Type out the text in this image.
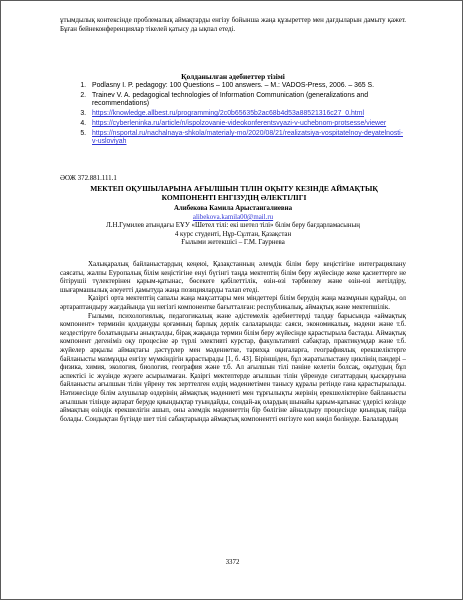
ұтымдылық контексінде проблемалық аймақтарды енгізу бойынша жаңа құзыреттер мен дағдыларын дамыту қажет. Бұған бейнеконференциялар тікелей қатысу да ықпал етеді.

Қолданылған әдебиеттер тізімі
1. Podlasny I. P. pedagogy: 100 Questions – 100 answers. – M.: VADOS-Press, 2006. – 365 S.
2. Trainev V. A. pedagogical technologies of Information Communication (generalizations and recommendations)
3. https://knowledge.allbest.ru/programming/2c0b65635b2ac68b4d53a88521316c27_0.html
4. https://cyberleninka.ru/article/n/ispolzovanie-videokonferentsvyazi-v-uchebnom-protsesse/viewer
5. https://nsportal.ru/nachalnaya-shkola/materialy-mo/2020/08/21/realizatsiya-vospitatelnoy-deyatelnosti-v-usloviyah
ӘОЖ 372.881.111.1
МЕКТЕП ОҚУШЫЛАРЫНА АҒЫЛШЫН ТІЛІН ОҚЫТУ КЕЗІНДЕ АЙМАҚТЫҚ КОМПОНЕНТІ ЕНГІЗУДІҢ ӘЛЕКТІЛІГІ
Алибекова Камила Арыстангалиевна
alibekova.kamila00@mail.ru
Л.Н.Гумилев атындағы ЕҰУ «Шетел тілі: екі шетел тілі» білім беру бағдарламасының
4 курс студенті, Нұр-Сұлтан, Қазақстан
Ғылыми жетекшісі – Г.М. Гаурнева

Халықаралық байланыстардың кеңеюі, Қазақстанның әлемдік білім беру кеңістігіне интеграциялану саясаты, жалпы Еуропалық білім кеңістігіне енуі бүгінгі таңда мектептің білім беру жүйесінде жеке қасиеттерге не бітірушіі түлектерінен қарым-қатынас, бөсекеге қабілеттілік, өзін-өзі тәрбиелеу және өзін-өзі жетілдіру, шығармашылық әлеуетті дамытуда жаңа позицияларды талап етеді.

Қазіргі орта мектептің сапалы жаңа мақсаттары мен міндеттері білім берудің жаңа мазмұнын құрайды, ол әртараптандыру жағдайында үш негізгі компонентке бағытталған: республикалық, аймақтық және мектепшілік.

Ғылыми, психологиялық, педагогикалық және әдістемелік әдебиеттерді талдау барысында «аймақтық компонент» терминін қолдануды қоғамның барлық дерлік салаларында: саяси, экономикалық, мәдени және т.б. кездестіруге болатындығы анықталды, бірақ жақында термин білім беру жүйесінде қарастырыла бастады. Аймақтық компонент дегеніміз оқу процесіне әр түрлі элективті курстар, факультативті сабақтар, практикумдар және т.б. жүйелер арқылы аймақтағы дәстүрлер мен мәдениетке, тарихқа оқиғаларға, географиялық ерекшеліктерге байланысты мазмұнды енгізу мүмкіндігін қарастырады [1, б. 43]. Біріншіден, бұл жаратылыстану циклінің пәндері – физика, химия, экология, биология, география және т.б. Ал ағылшын тілі пәніне келетін болсақ, оқытудың бұл аспектісі іс жүзінде жүзеге асырылмаған. Қазіргі мектептерде ағылшын тілін үйренуде сигаттардың қысқаруына байланысты ағылшын тілін үйрену тек зерттелген елдің мәдениетімен танысу құралы ретінде ғана қарастырылады. Нәтижесінде білім алушылар өздерінің аймақтық мәдениеті мен тұрғылықты жерінің ерекшеліктеріне байланысты ағылшын тілінде ақпарат беруде қиындықтар туындайды, сондай-ақ олардың шынайы қарым-қатынас үдерісі кезінде аймақтың өзіндік ерекшелігін ашып, оны әлемдік мәдениеттің бір бөлігіне айналдыру процесінде қиындық пайда болады. Сондықтан бүгінде шет тілі сабақтарында аймақтық компонентті енгізуге көп көңіл бөлінуде. Балалардың

3372
